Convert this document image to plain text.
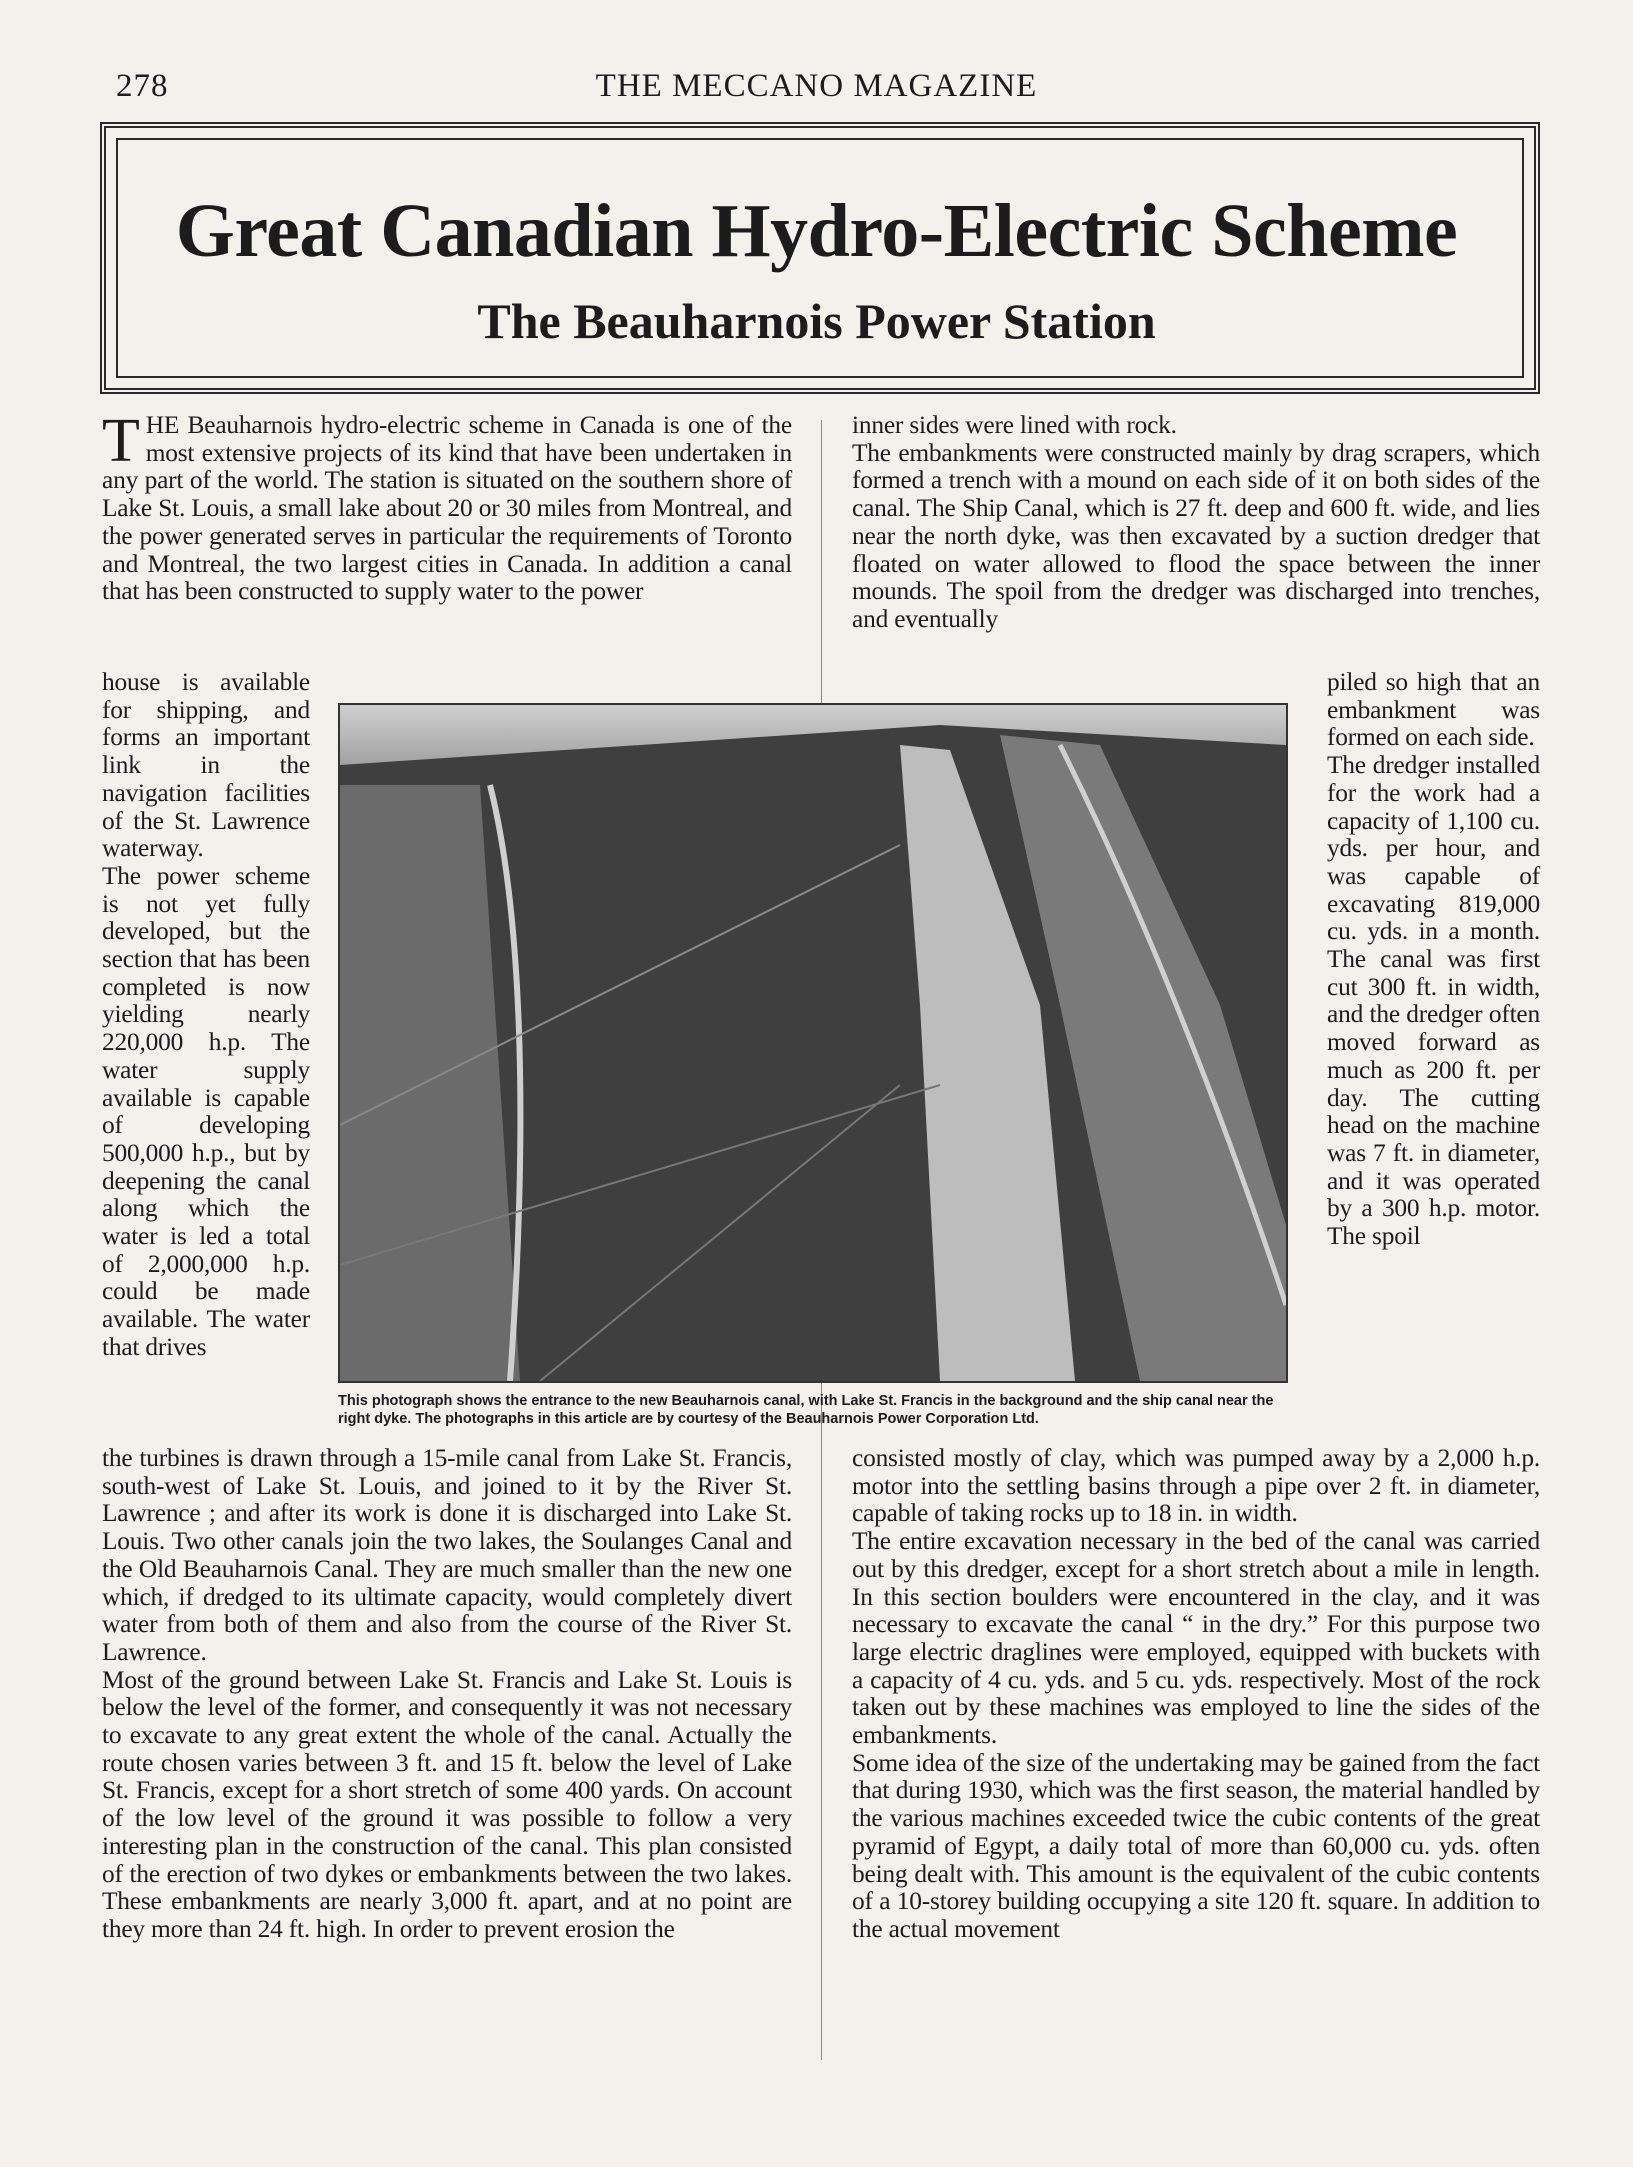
278	THE MECCANO MAGAZINE
Great Canadian Hydro-Electric Scheme
The Beauharnois Power Station
THE Beauharnois hydro-electric scheme in Canada is one of the most extensive projects of its kind that have been undertaken in any part of the world. The station is situated on the southern shore of Lake St. Louis, a small lake about 20 or 30 miles from Montreal, and the power generated serves in particular the requirements of Toronto and Montreal, the two largest cities in Canada. In addition a canal that has been constructed to supply water to the power
house is available for shipping, and forms an important link in the navigation facilities of the St. Lawrence waterway.
The power scheme is not yet fully developed, but the section that has been completed is now yielding nearly 220,000 h.p. The water supply available is capable of developing 500,000 h.p., but by deepening the canal along which the water is led a total of 2,000,000 h.p. could be made available. The water that drives
the turbines is drawn through a 15-mile canal from Lake St. Francis, south-west of Lake St. Louis, and joined to it by the River St. Lawrence ; and after its work is done it is discharged into Lake St. Louis. Two other canals join the two lakes, the Soulanges Canal and the Old Beauharnois Canal. They are much smaller than the new one which, if dredged to its ultimate capacity, would completely divert water from both of them and also from the course of the River St. Lawrence.
Most of the ground between Lake St. Francis and Lake St. Louis is below the level of the former, and consequently it was not necessary to excavate to any great extent the whole of the canal. Actually the route chosen varies between 3 ft. and 15 ft. below the level of Lake St. Francis, except for a short stretch of some 400 yards. On account of the low level of the ground it was possible to follow a very interesting plan in the construction of the canal. This plan consisted of the erection of two dykes or embankments between the two lakes. These embankments are nearly 3,000 ft. apart, and at no point are they more than 24 ft. high. In order to prevent erosion the
inner sides were lined with rock.
The embankments were constructed mainly by drag scrapers, which formed a trench with a mound on each side of it on both sides of the canal. The Ship Canal, which is 27 ft. deep and 600 ft. wide, and lies near the north dyke, was then excavated by a suction dredger that floated on water allowed to flood the space between the inner mounds. The spoil from the dredger was discharged into trenches, and eventually
piled so high that an embankment was formed on each side.
The dredger installed for the work had a capacity of 1,100 cu. yds. per hour, and was capable of excavating 819,000 cu. yds. in a month. The canal was first cut 300 ft. in width, and the dredger often moved forward as much as 200 ft. per day. The cutting head on the machine was 7 ft. in diameter, and it was operated by a 300 h.p. motor. The spoil
consisted mostly of clay, which was pumped away by a 2,000 h.p. motor into the settling basins through a pipe over 2 ft. in diameter, capable of taking rocks up to 18 in. in width.
The entire excavation necessary in the bed of the canal was carried out by this dredger, except for a short stretch about a mile in length. In this section boulders were encountered in the clay, and it was necessary to excavate the canal “ in the dry.” For this purpose two large electric draglines were employed, equipped with buckets with a capacity of 4 cu. yds. and 5 cu. yds. respectively. Most of the rock taken out by these machines was employed to line the sides of the embankments.
Some idea of the size of the undertaking may be gained from the fact that during 1930, which was the first season, the material handled by the various machines exceeded twice the cubic contents of the great pyramid of Egypt, a daily total of more than 60,000 cu. yds. often being dealt with. This amount is the equivalent of the cubic contents of a 10-storey building occupying a site 120 ft. square. In addition to the actual movement
This photograph shows the entrance to the new Beauharnois canal, with Lake St. Francis in the background and the ship canal near the right dyke. The photographs in this article are by courtesy of the Beauharnois Power Corporation Ltd.
